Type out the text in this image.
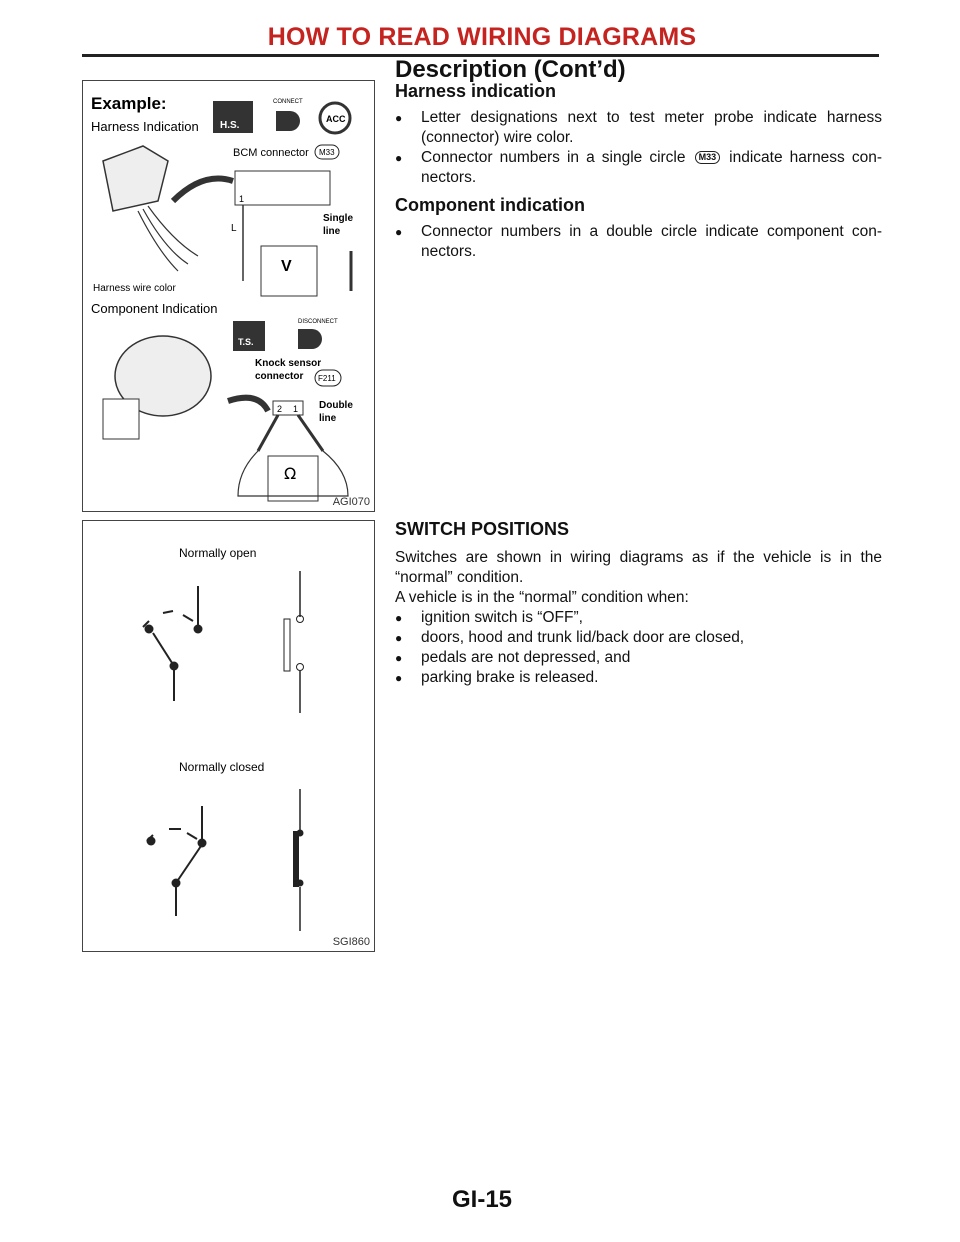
HOW TO READ WIRING DIAGRAMS
Description (Cont’d)
Example:
Harness Indication H.S.
CONNECT
ACC
BCM connector M33
1
L
Single
line
V
Harness wire color
Component Indication
T.S.
DISCONNECT
Knock sensor
connector F211
2 1 Double
line
Ω
AGI070
Normally open
Normally closed
SGI860
Harness indication
● Letter designations next to test meter probe indicate harness (connector) wire color.
● Connector numbers in a single circle M33 indicate harness con-nectors.
Component indication
● Connector numbers in a double circle indicate component con-nectors.
SWITCH POSITIONS

Switches are shown in wiring diagrams as if the vehicle is in the “normal” condition.

A vehicle is in the “normal” condition when:

● ignition switch is “OFF”,
● doors, hood and trunk lid/back door are closed,
● pedals are not depressed, and
● parking brake is released.
GI-15
